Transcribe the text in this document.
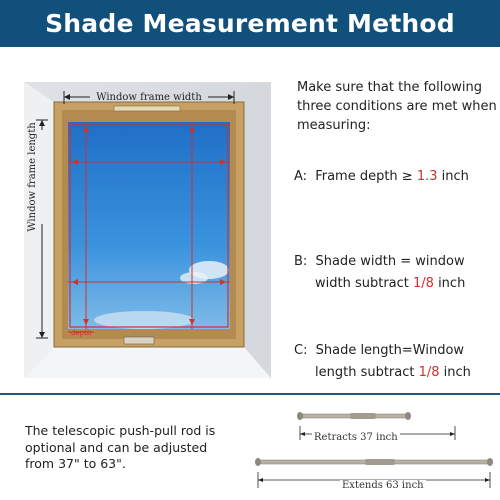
Shade Measurement Method
Window frame width
Window frame length
depth
Make sure that the following three conditions are met when measuring:
A: Frame depth ≥ 1.3 inch
B: Shade width = window
width subtract 1/8 inch
C: Shade length=Window
length subtract 1/8 inch
The telescopic push-pull rod is optional and can be adjusted from 37" to 63".
Retracts 37 inch
Extends 63 inch
